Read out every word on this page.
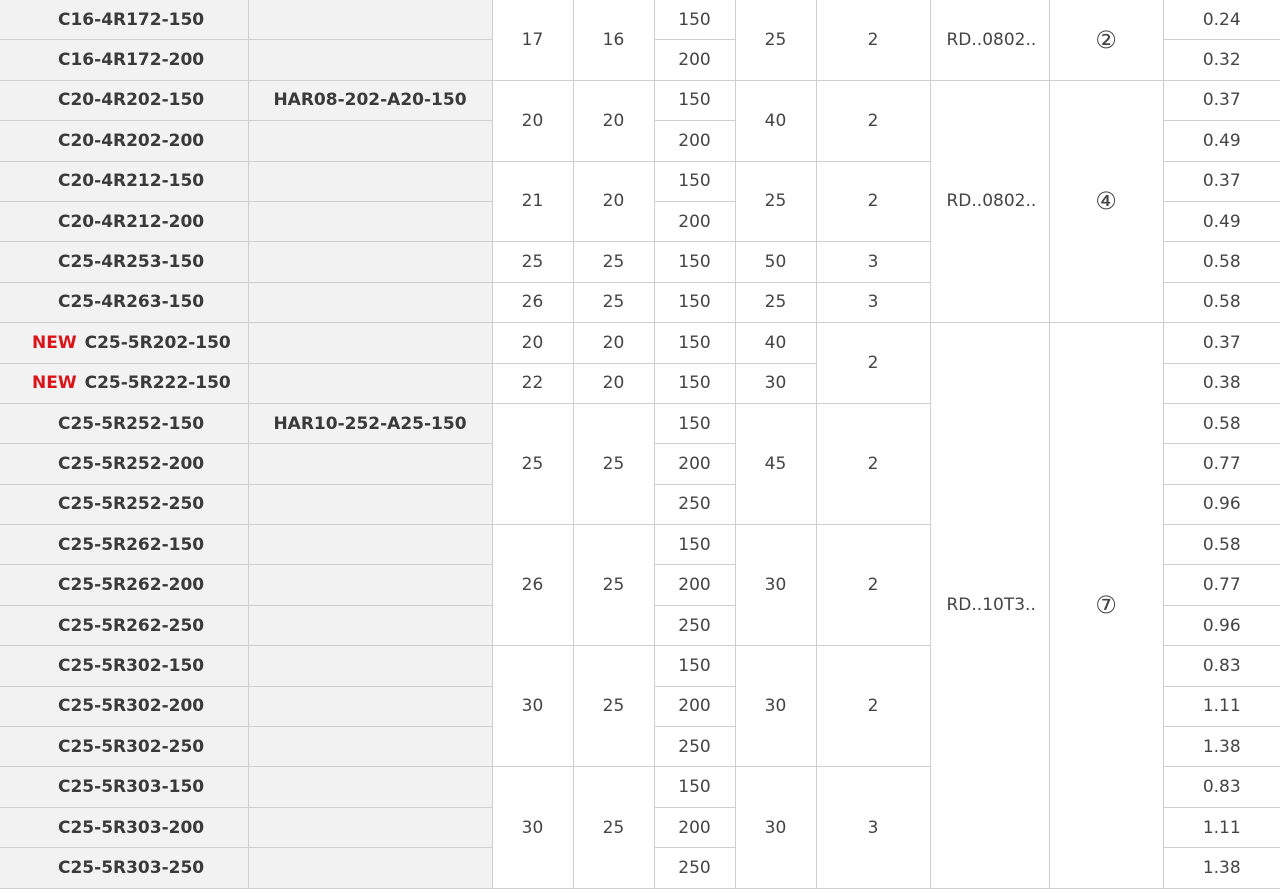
C16-4R172-150		17	16	150	25	2	RD..0802..	②	0.24
C16-4R172-200				200					0.32
C20-4R202-150	HAR08-202-A20-150	20	20	150	40	2	RD..0802..	④	0.37
C20-4R202-200				200					0.49
C20-4R212-150		21	20	150	25	2			0.37
C20-4R212-200				200					0.49
C25-4R253-150		25	25	150	50	3			0.58
C25-4R263-150		26	25	150	25	3			0.58
NEW C25-5R202-150		20	20	150	40	2	RD..10T3..	⑦	0.37
NEW C25-5R222-150		22	20	150	30				0.38
C25-5R252-150	HAR10-252-A25-150	25	25	150	45	2			0.58
C25-5R252-200				200					0.77
C25-5R252-250				250					0.96
C25-5R262-150		26	25	150	30	2			0.58
C25-5R262-200				200					0.77
C25-5R262-250				250					0.96
C25-5R302-150		30	25	150	30	2			0.83
C25-5R302-200				200					1.11
C25-5R302-250				250					1.38
C25-5R303-150		30	25	150	30	3			0.83
C25-5R303-200				200					1.11
C25-5R303-250				250					1.38
